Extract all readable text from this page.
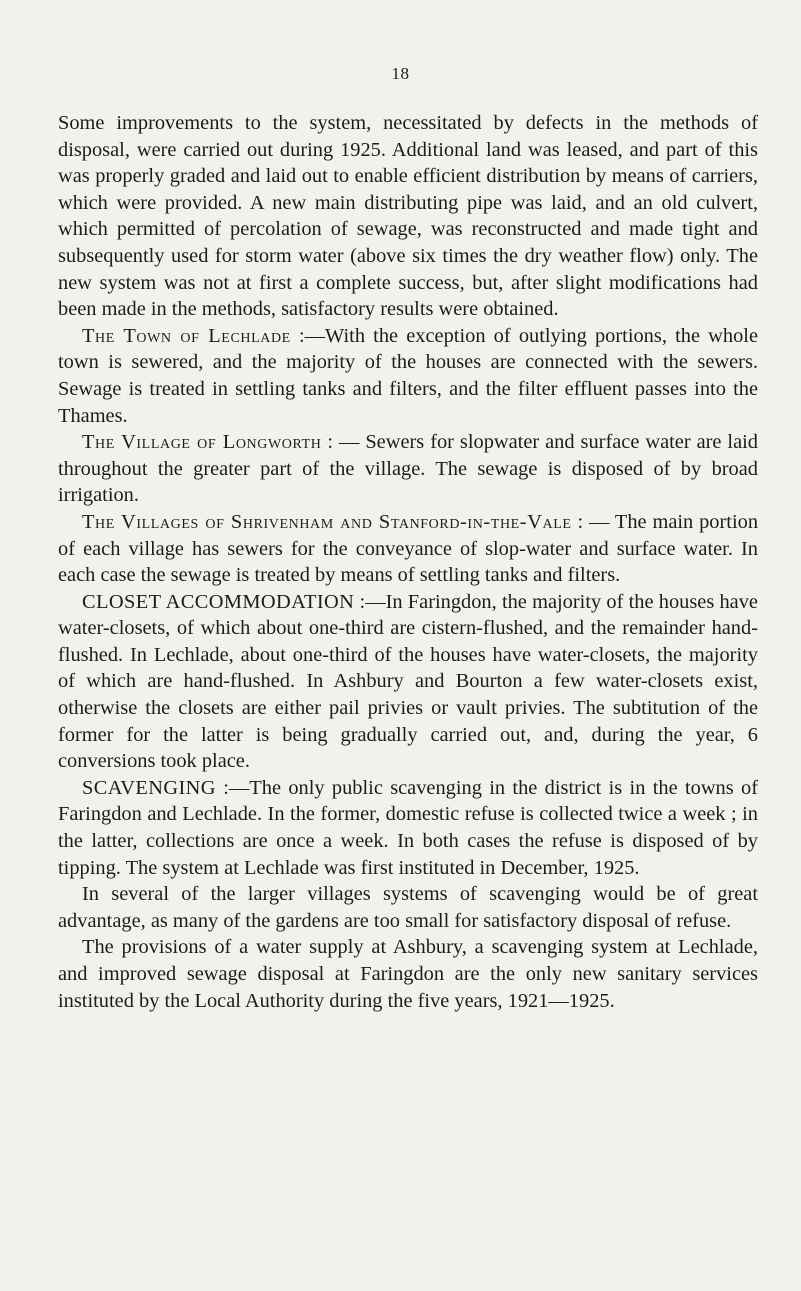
18

Some improvements to the system, necessitated by defects in the methods of disposal, were carried out during 1925. Additional land was leased, and part of this was properly graded and laid out to enable efficient distribution by means of carriers, which were provided. A new main distributing pipe was laid, and an old culvert, which permitted of percolation of sewage, was reconstructed and made tight and subsequently used for storm water (above six times the dry weather flow) only. The new system was not at first a complete success, but, after slight modifications had been made in the methods, satisfactory results were obtained.

The Town of Lechlade :—With the exception of outlying portions, the whole town is sewered, and the majority of the houses are connected with the sewers. Sewage is treated in settling tanks and filters, and the filter effluent passes into the Thames.

The Village of Longworth : — Sewers for slopwater and surface water are laid throughout the greater part of the village. The sewage is disposed of by broad irrigation.

The Villages of Shrivenham and Stanford-in-the-Vale : — The main portion of each village has sewers for the conveyance of slop-water and surface water. In each case the sewage is treated by means of settling tanks and filters.

CLOSET ACCOMMODATION :—In Faringdon, the majority of the houses have water-closets, of which about one-third are cistern-flushed, and the remainder hand-flushed. In Lechlade, about one-third of the houses have water-closets, the majority of which are hand-flushed. In Ashbury and Bourton a few water-closets exist, otherwise the closets are either pail privies or vault privies. The subtitution of the former for the latter is being gradually carried out, and, during the year, 6 conversions took place.

SCAVENGING :—The only public scavenging in the district is in the towns of Faringdon and Lechlade. In the former, domestic refuse is collected twice a week ; in the latter, collections are once a week. In both cases the refuse is disposed of by tipping. The system at Lechlade was first instituted in December, 1925.

In several of the larger villages systems of scavenging would be of great advantage, as many of the gardens are too small for satisfactory disposal of refuse.

The provisions of a water supply at Ashbury, a scavenging system at Lechlade, and improved sewage disposal at Faringdon are the only new sanitary services instituted by the Local Authority during the five years, 1921—1925.
